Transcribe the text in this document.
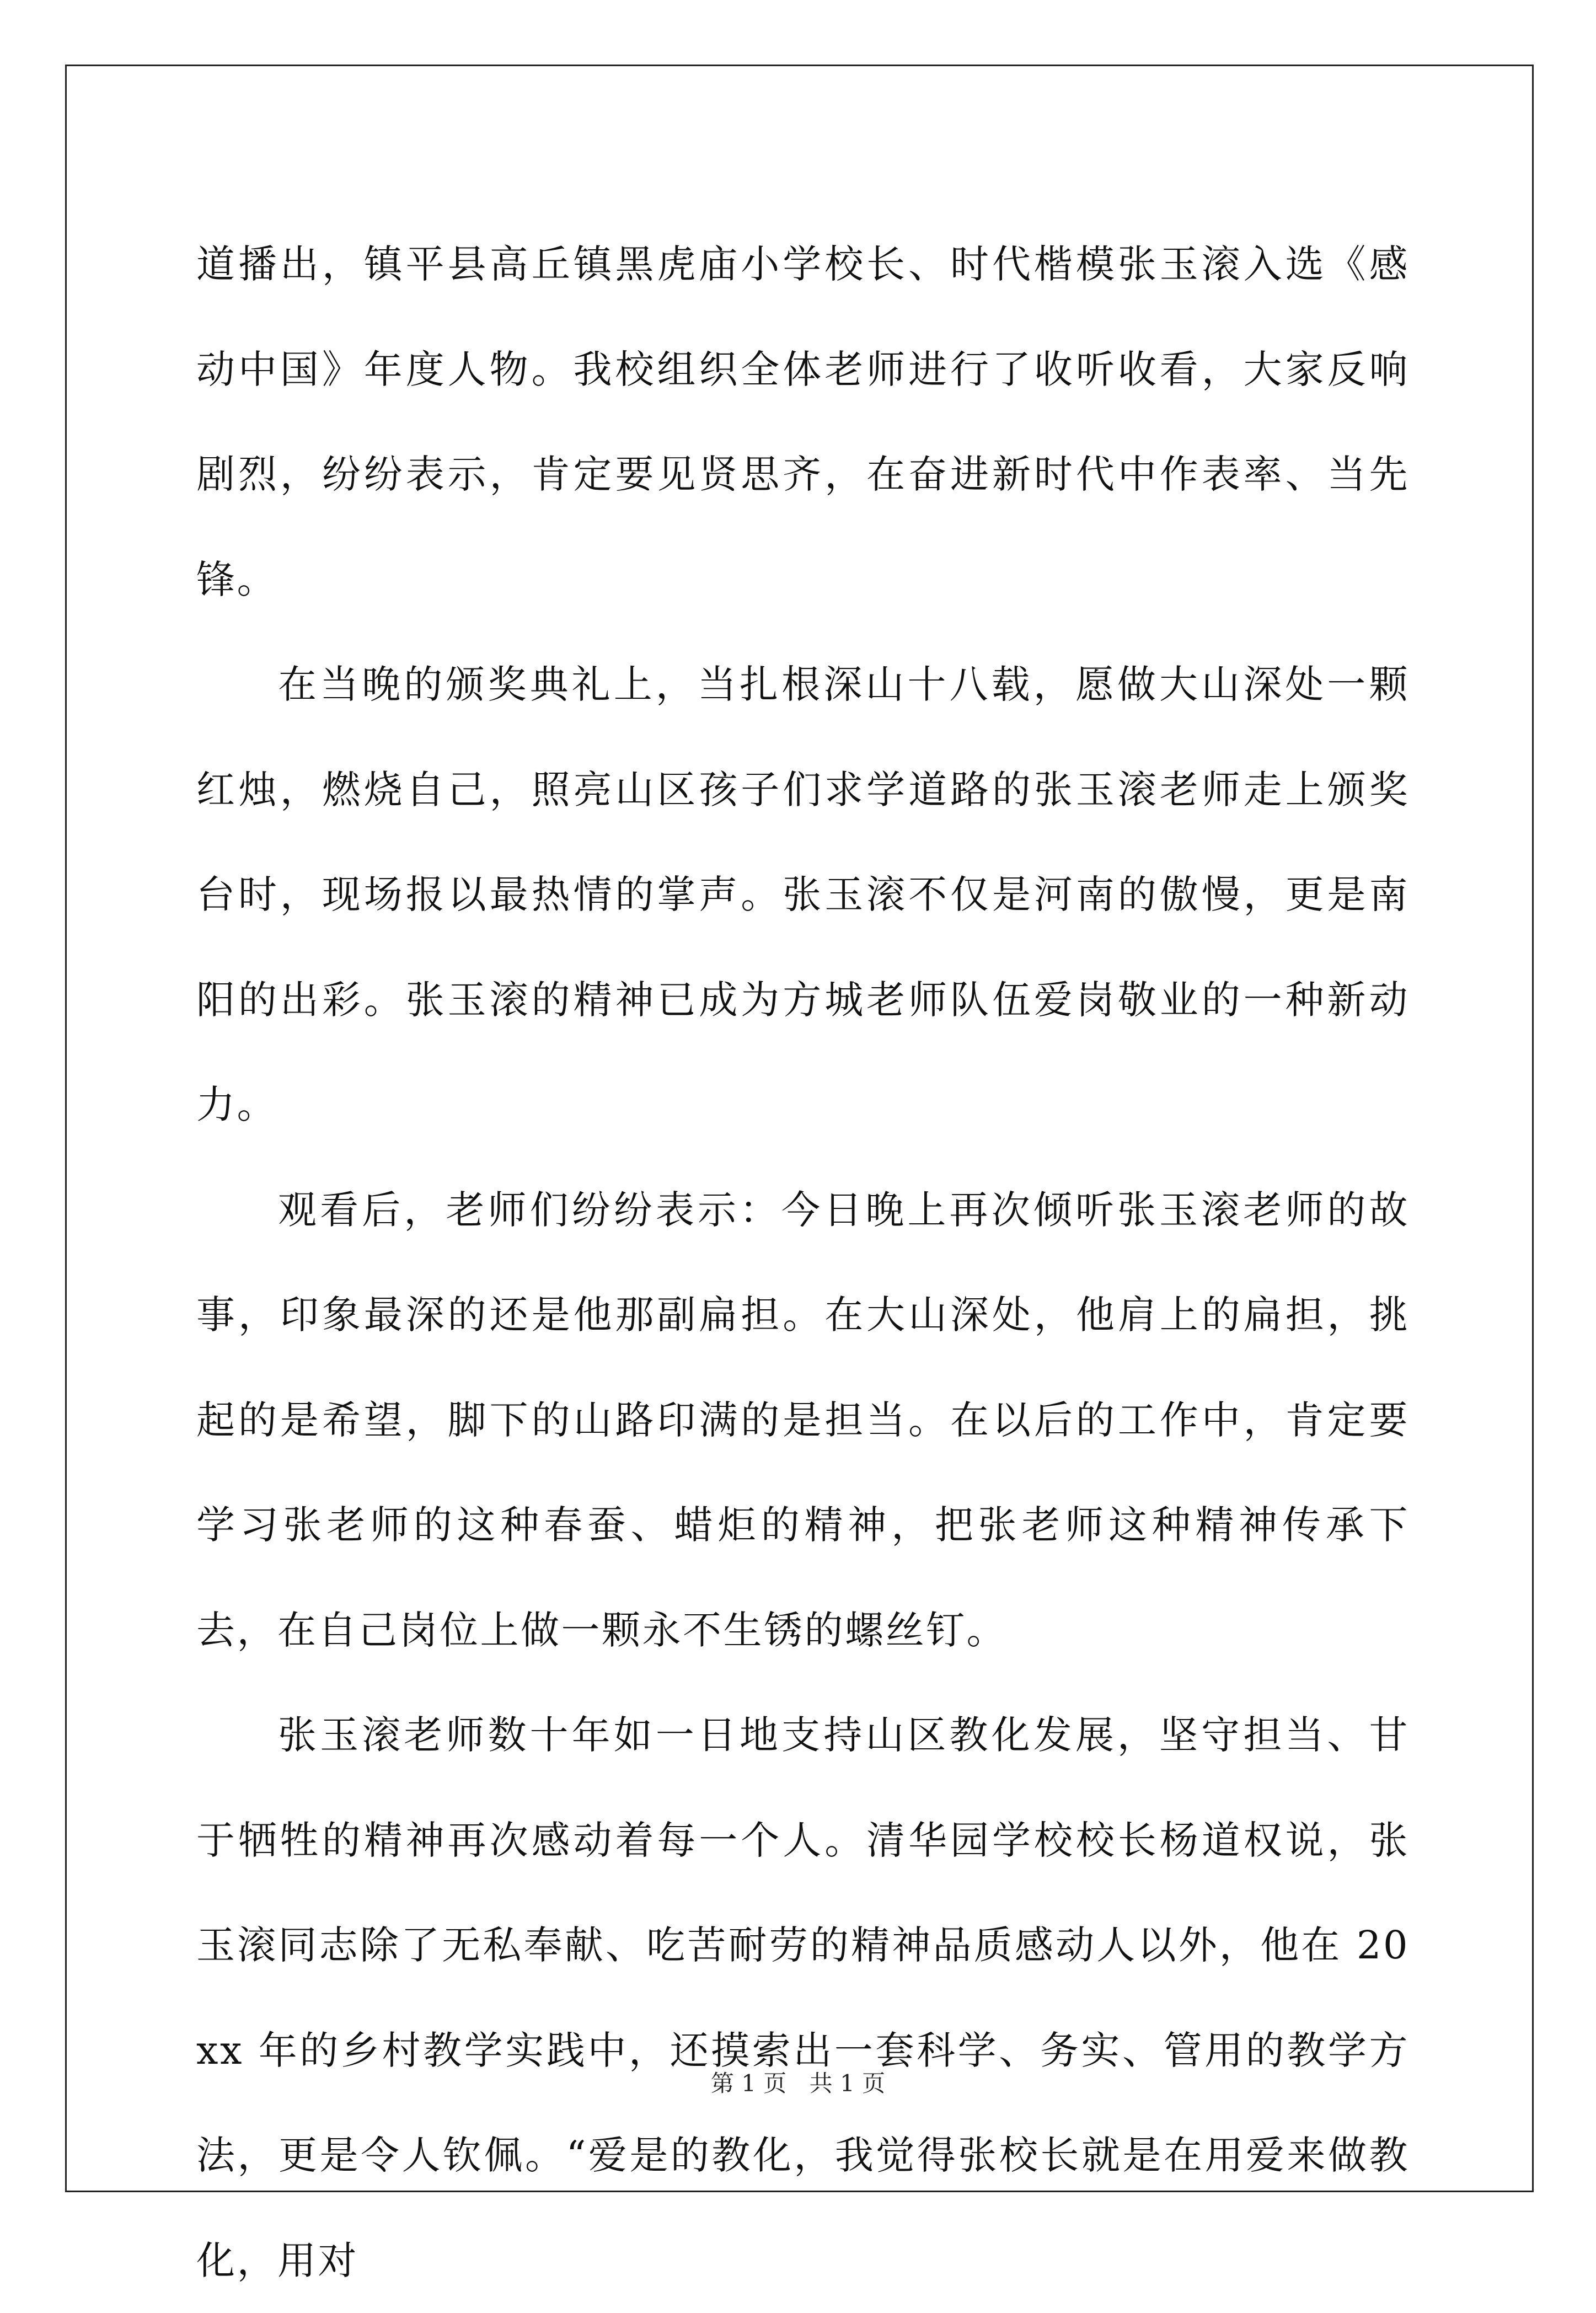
道播出，镇平县高丘镇黑虎庙小学校长、时代楷模张玉滚入选《感动中国》年度人物。我校组织全体老师进行了收听收看，大家反响剧烈，纷纷表示，肯定要见贤思齐，在奋进新时代中作表率、当先锋。

在当晚的颁奖典礼上，当扎根深山十八载，愿做大山深处一颗红烛，燃烧自己，照亮山区孩子们求学道路的张玉滚老师走上颁奖台时，现场报以最热情的掌声。张玉滚不仅是河南的傲慢，更是南阳的出彩。张玉滚的精神已成为方城老师队伍爱岗敬业的一种新动力。

观看后，老师们纷纷表示：今日晚上再次倾听张玉滚老师的故事，印象最深的还是他那副扁担。在大山深处，他肩上的扁担，挑起的是希望，脚下的山路印满的是担当。在以后的工作中，肯定要学习张老师的这种春蚕、蜡炬的精神，把张老师这种精神传承下去，在自己岗位上做一颗永不生锈的螺丝钉。

张玉滚老师数十年如一日地支持山区教化发展，坚守担当、甘于牺牲的精神再次感动着每一个人。清华园学校校长杨道权说，张玉滚同志除了无私奉献、吃苦耐劳的精神品质感动人以外，他在 20xx 年的乡村教学实践中，还摸索出一套科学、务实、管用的教学方法，更是令人钦佩。“爱是的教化，我觉得张校长就是在用爱来做教化，用对

第 1 页 共 1 页
